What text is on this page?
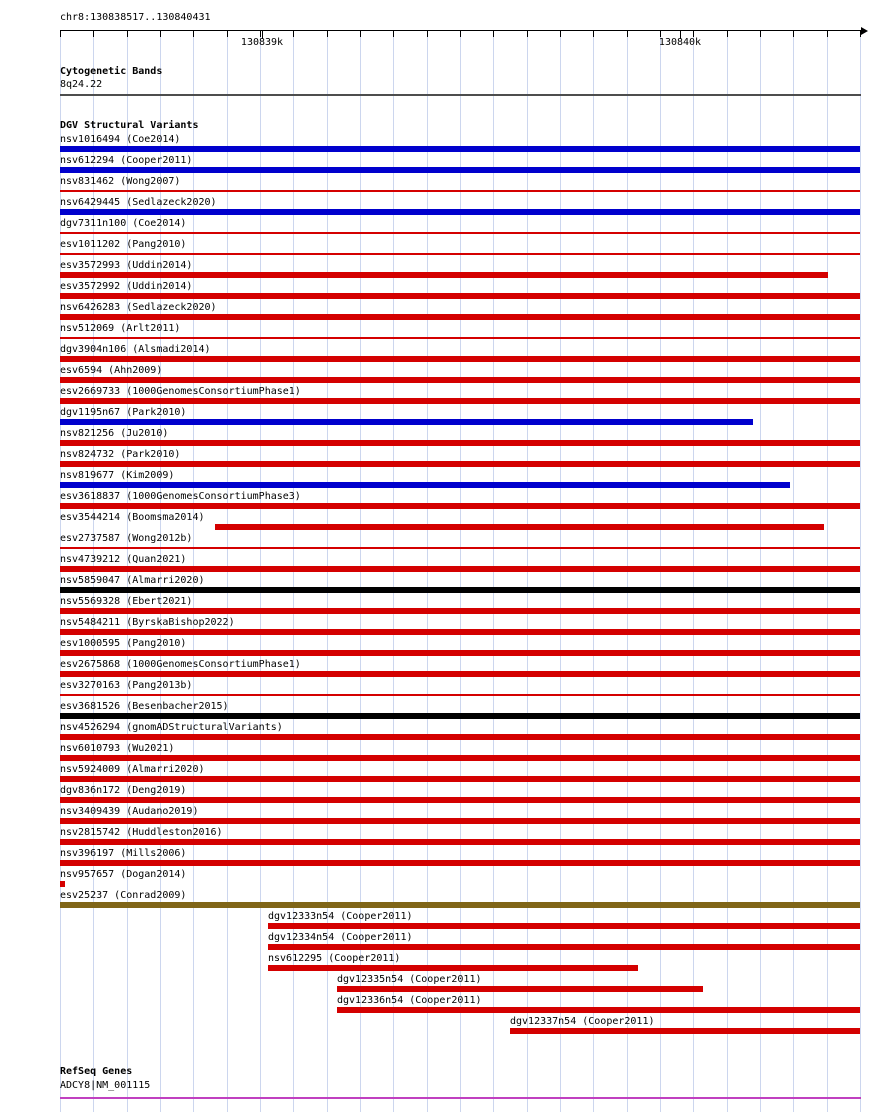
chr8:130838517..130840431
130839k	130840k
Cytogenetic Bands
8q24.22
DGV Structural Variants
nsv1016494 (Coe2014)
nsv612294 (Cooper2011)
nsv831462 (Wong2007)
nsv6429445 (Sedlazeck2020)
dgv7311n100 (Coe2014)
esv1011202 (Pang2010)
esv3572993 (Uddin2014)
esv3572992 (Uddin2014)
nsv6426283 (Sedlazeck2020)
nsv512069 (Arlt2011)
dgv3904n106 (Alsmadi2014)
esv6594 (Ahn2009)
esv2669733 (1000GenomesConsortiumPhase1)
dgv1195n67 (Park2010)
nsv821256 (Ju2010)
nsv824732 (Park2010)
nsv819677 (Kim2009)
esv3618837 (1000GenomesConsortiumPhase3)
esv3544214 (Boomsma2014)
esv2737587 (Wong2012b)
nsv4739212 (Quan2021)
nsv5859047 (Almarri2020)
nsv5569328 (Ebert2021)
nsv5484211 (ByrskaBishop2022)
esv1000595 (Pang2010)
esv2675868 (1000GenomesConsortiumPhase1)
esv3270163 (Pang2013b)
esv3681526 (Besenbacher2015)
nsv4526294 (gnomADStructuralVariants)
nsv6010793 (Wu2021)
nsv5924009 (Almarri2020)
dgv836n172 (Deng2019)
nsv3409439 (Audano2019)
nsv2815742 (Huddleston2016)
nsv396197 (Mills2006)
nsv957657 (Dogan2014)
esv25237 (Conrad2009)
dgv12333n54 (Cooper2011)
dgv12334n54 (Cooper2011)
nsv612295 (Cooper2011)
dgv12335n54 (Cooper2011)
dgv12336n54 (Cooper2011)
dgv12337n54 (Cooper2011)
RefSeq Genes
ADCY8|NM_001115
